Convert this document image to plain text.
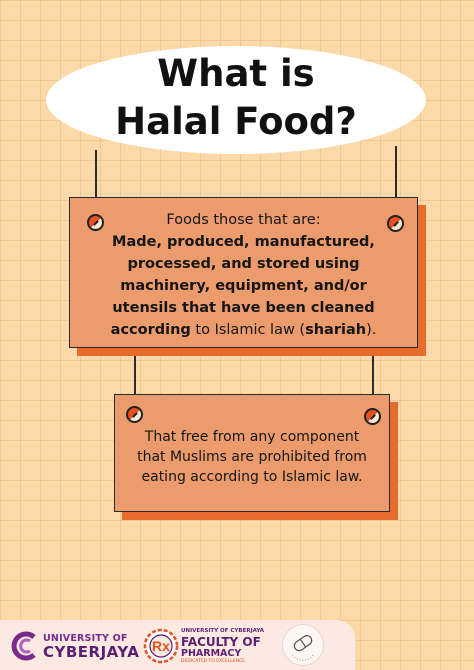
What is
Halal Food?
Foods those that are:
Made, produced, manufactured,
processed, and stored using
machinery, equipment, and/or
utensils that have been cleaned
according to Islamic law (shariah).
That free from any component
that Muslims are prohibited from
eating according to Islamic law.
UNIVERSITY OF
CYBERJAYA Rx
UNIVERSITY OF CYBERJAYA
FACULTY OF
PHARMACY
DEDICATED TO EXCELLENCE
